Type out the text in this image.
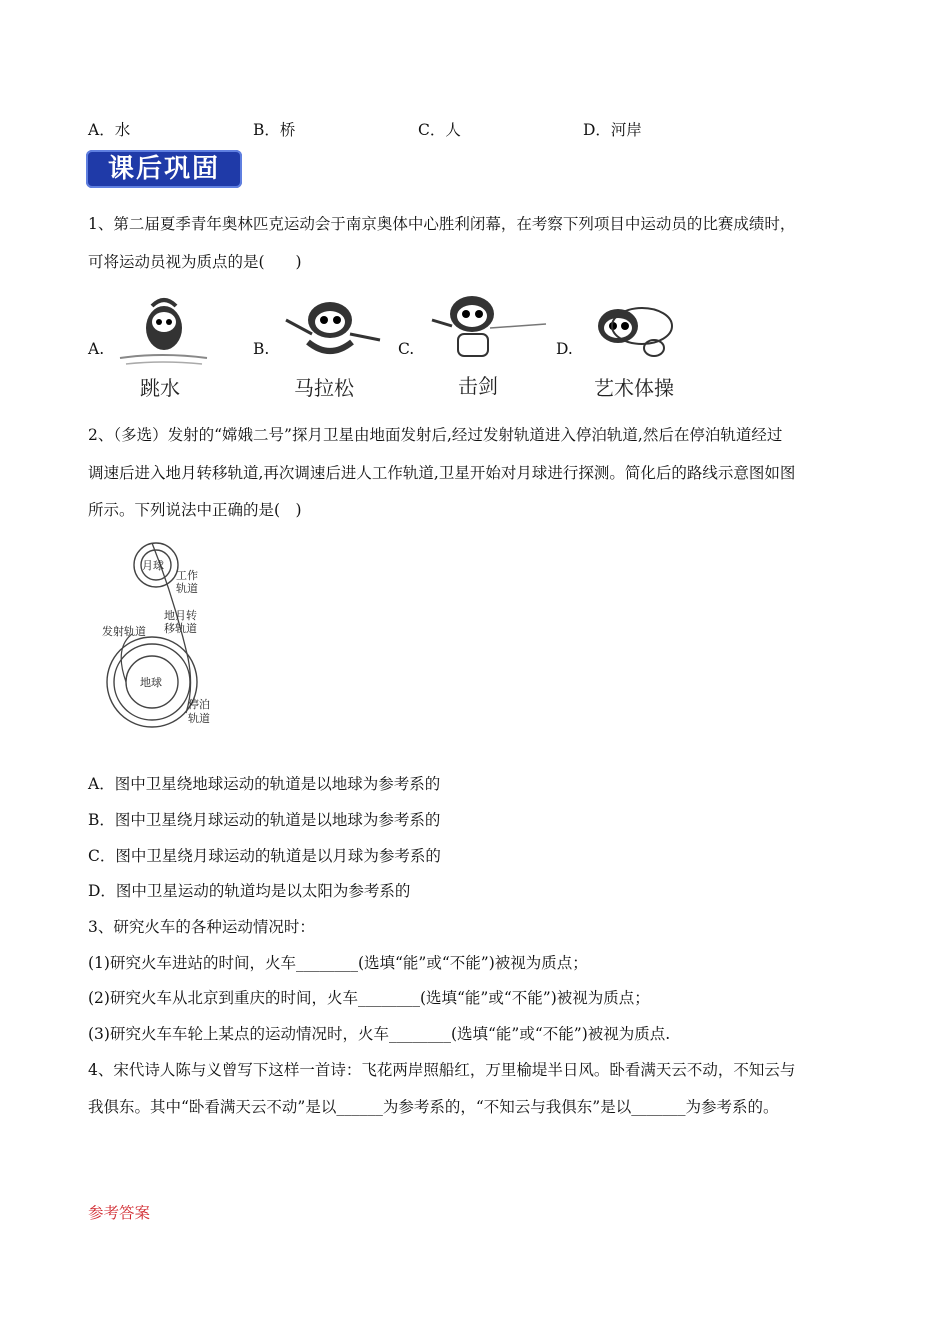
A．水	B．桥	C．人	D．河岸
课后巩固
1、第二届夏季青年奥林匹克运动会于南京奥体中心胜利闭幕，在考察下列项目中运动员的比赛成绩时，
可将运动员视为质点的是(　　)
A.
跳水
B.
马拉松
C.
击剑
D.
艺术体操
2、（多选）发射的“嫦娥二号”探月卫星由地面发射后,经过发射轨道进入停泊轨道,然后在停泊轨道经过
调速后进入地月转移轨道,再次调速后进人工作轨道,卫星开始对月球进行探测。简化后的路线示意图如图
所示。下列说法中正确的是(　)
月球
地球
工作
轨道
地月转
移轨道
发射轨道
停泊
轨道
A．图中卫星绕地球运动的轨道是以地球为参考系的
B．图中卫星绕月球运动的轨道是以地球为参考系的
C．图中卫星绕月球运动的轨道是以月球为参考系的
D．图中卫星运动的轨道均是以太阳为参考系的
3、研究火车的各种运动情况时：
(1)研究火车进站的时间，火车________(选填“能”或“不能”)被视为质点；
(2)研究火车从北京到重庆的时间，火车________(选填“能”或“不能”)被视为质点；
(3)研究火车车轮上某点的运动情况时，火车________(选填“能”或“不能”)被视为质点.
4、宋代诗人陈与义曾写下这样一首诗：飞花两岸照船红，万里榆堤半日风。卧看满天云不动，不知云与
我俱东。其中“卧看满天云不动”是以______为参考系的，“不知云与我俱东”是以_______为参考系的。
参考答案
